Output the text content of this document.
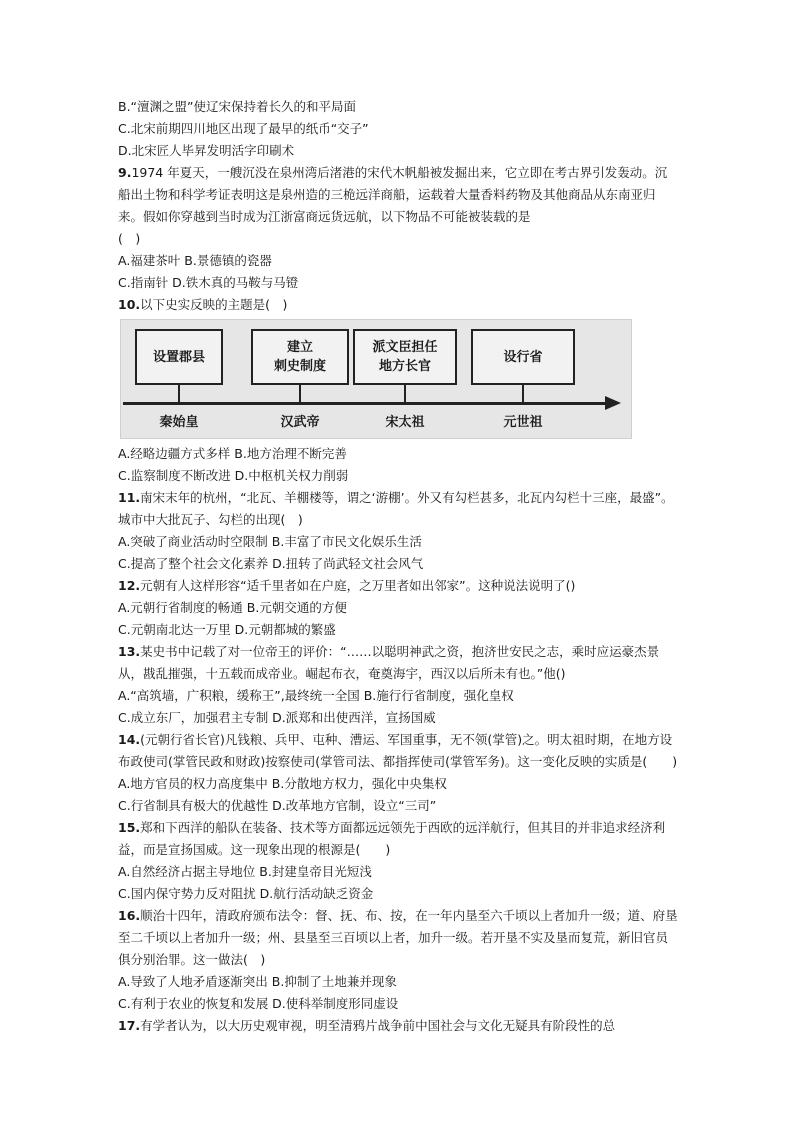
B.“澶渊之盟”使辽宋保持着长久的和平局面
C.北宋前期四川地区出现了最早的纸币“交子”
D.北宋匠人毕昇发明活字印刷术
9.1974 年夏天，一艘沉没在泉州湾后渚港的宋代木帆船被发掘出来，它立即在考古界引发轰动。沉船出土物和科学考证表明这是泉州造的三桅远洋商船，运载着大量香料药物及其他商品从东南亚归来。假如你穿越到当时成为江浙富商远货远航，以下物品不可能被装载的是
(　)
A.福建茶叶 B.景德镇的瓷器
C.指南针 D.铁木真的马鞍与马镫
10.以下史实反映的主题是(　)
设置郡县
建立
刺史制度
派文臣担任
地方长官
设行省
秦始皇	汉武帝	宋太祖	元世祖
A.经略边疆方式多样 B.地方治理不断完善
C.监察制度不断改进 D.中枢机关权力削弱
11.南宋末年的杭州，“北瓦、羊棚楼等，谓之‘游棚’。外又有勾栏甚多，北瓦内勾栏十三座，最盛”。城市中大批瓦子、勾栏的出现(　)
A.突破了商业活动时空限制 B.丰富了市民文化娱乐生活
C.提高了整个社会文化素养 D.扭转了尚武轻文社会风气
12.元朝有人这样形容“适千里者如在户庭，之万里者如出邻家”。这种说法说明了()
A.元朝行省制度的畅通 B.元朝交通的方便
C.元朝南北达一万里 D.元朝都城的繁盛
13.某史书中记载了对一位帝王的评价：“……以聪明神武之资，抱济世安民之志，乘时应运豪杰景从，戡乱摧强，十五载而成帝业。崛起布衣，奄奠海宇，西汉以后所未有也。”他()
A.“高筑墙，广积粮，缓称王”,最终统一全国 B.施行行省制度，强化皇权
C.成立东厂，加强君主专制 D.派郑和出使西洋，宣扬国威
14.(元朝行省长官)凡钱粮、兵甲、屯种、漕运、军国重事，无不领(掌管)之。明太祖时期，在地方设布政使司(掌管民政和财政)按察使司(掌管司法、都指挥使司(掌管军务)。这一变化反映的实质是(　　)
A.地方官员的权力高度集中 B.分散地方权力，强化中央集权
C.行省制具有极大的优越性 D.改革地方官制，设立“三司”
15.郑和下西洋的船队在装备、技术等方面都远远领先于西欧的远洋航行，但其目的并非追求经济利益，而是宣扬国威。这一现象出现的根源是(　　)
A.自然经济占据主导地位 B.封建皇帝目光短浅
C.国内保守势力反对阻扰 D.航行活动缺乏资金
16.顺治十四年，清政府颁布法令：督、抚、布、按，在一年内垦至六千顷以上者加升一级；道、府垦至二千顷以上者加升一级；州、县垦至三百顷以上者，加升一级。若开垦不实及垦而复荒，新旧官员俱分别治罪。这一做法(　)
A.导致了人地矛盾逐渐突出 B.抑制了土地兼并现象
C.有利于农业的恢复和发展 D.使科举制度形同虚设
17.有学者认为，以大历史观审视，明至清鸦片战争前中国社会与文化无疑具有阶段性的总
